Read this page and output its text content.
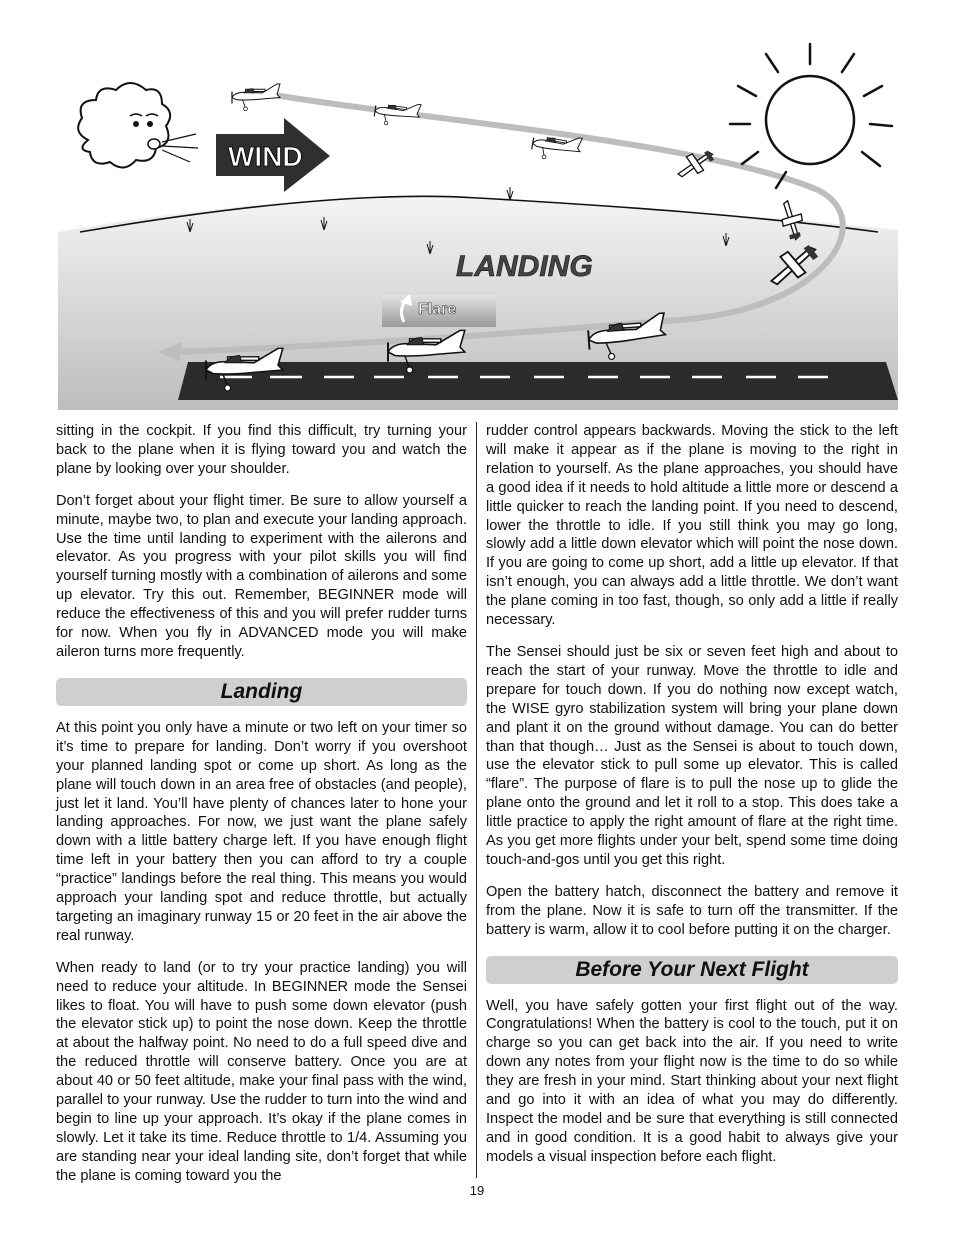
WIND
LANDING
Flare

sitting in the cockpit. If you find this difficult, try turning your back to the plane when it is flying toward you and watch the plane by looking over your shoulder.

Don’t forget about your flight timer. Be sure to allow yourself a minute, maybe two, to plan and execute your landing approach. Use the time until landing to experiment with the ailerons and elevator. As you progress with your pilot skills you will find yourself turning mostly with a combination of ailerons and some up elevator. Try this out. Remember, BEGINNER mode will reduce the effectiveness of this and you will prefer rudder turns for now. When you fly in ADVANCED mode you will make aileron turns more frequently.

Landing

At this point you only have a minute or two left on your timer so it’s time to prepare for landing. Don’t worry if you overshoot your planned landing spot or come up short. As long as the plane will touch down in an area free of obstacles (and people), just let it land. You’ll have plenty of chances later to hone your landing approaches. For now, we just want the plane safely down with a little battery charge left. If you have enough flight time left in your battery then you can afford to try a couple “practice” landings before the real thing. This means you would approach your landing spot and reduce throttle, but actually targeting an imaginary runway 15 or 20 feet in the air above the real runway.

When ready to land (or to try your practice landing) you will need to reduce your altitude. In BEGINNER mode the Sensei likes to float. You will have to push some down elevator (push the elevator stick up) to point the nose down. Keep the throttle at about the halfway point. No need to do a full speed dive and the reduced throttle will conserve battery. Once you are at about 40 or 50 feet altitude, make your final pass with the wind, parallel to your runway. Use the rudder to turn into the wind and begin to line up your approach. It’s okay if the plane comes in slowly. Let it take its time. Reduce throttle to 1/4. Assuming you are standing near your ideal landing site, don’t forget that while the plane is coming toward you the

rudder control appears backwards. Moving the stick to the left will make it appear as if the plane is moving to the right in relation to yourself. As the plane approaches, you should have a good idea if it needs to hold altitude a little more or descend a little quicker to reach the landing point. If you need to descend, lower the throttle to idle. If you still think you may go long, slowly add a little down elevator which will point the nose down. If you are going to come up short, add a little up elevator. If that isn’t enough, you can always add a little throttle. We don’t want the plane coming in too fast, though, so only add a little if really necessary.

The Sensei should just be six or seven feet high and about to reach the start of your runway. Move the throttle to idle and prepare for touch down. If you do nothing now except watch, the WISE gyro stabilization system will bring your plane down and plant it on the ground without damage. You can do better than that though… Just as the Sensei is about to touch down, use the elevator stick to pull some up elevator. This is called “flare”. The purpose of flare is to pull the nose up to glide the plane onto the ground and let it roll to a stop. This does take a little practice to apply the right amount of flare at the right time. As you get more flights under your belt, spend some time doing touch-and-gos until you get this right.

Open the battery hatch, disconnect the battery and remove it from the plane. Now it is safe to turn off the transmitter. If the battery is warm, allow it to cool before putting it on the charger.

Before Your Next Flight

Well, you have safely gotten your first flight out of the way. Congratulations! When the battery is cool to the touch, put it on charge so you can get back into the air. If you need to write down any notes from your flight now is the time to do so while they are fresh in your mind. Start thinking about your next flight and go into it with an idea of what you may do differently. Inspect the model and be sure that everything is still connected and in good condition. It is a good habit to always give your models a visual inspection before each flight.

19
